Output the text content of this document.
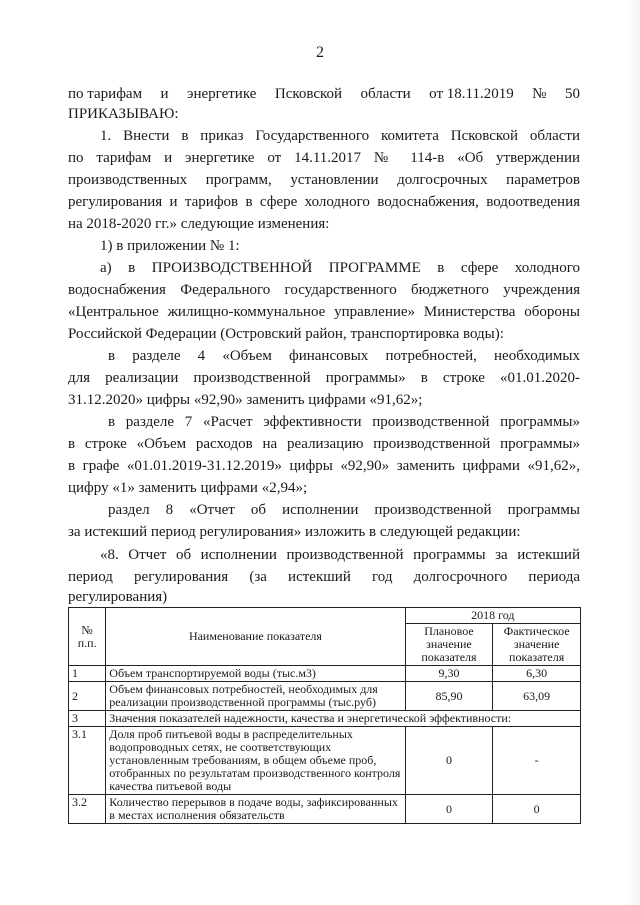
2
по тарифам и энергетике Псковской области от 18.11.2019 № 50
ПРИКАЗЫВАЮ:
1. Внести в приказ Государственного комитета Псковской области
по тарифам и энергетике от 14.11.2017 № 114-в «Об утверждении
производственных программ, установлении долгосрочных параметров
регулирования и тарифов в сфере холодного водоснабжения, водоотведения
на 2018-2020 гг.» следующие изменения:
1) в приложении № 1:
а) в ПРОИЗВОДСТВЕННОЙ ПРОГРАММЕ в сфере холодного
водоснабжения Федерального государственного бюджетного учреждения
«Центральное жилищно-коммунальное управление» Министерства обороны
Российской Федерации (Островский район, транспортировка воды):
в разделе 4 «Объем финансовых потребностей, необходимых
для реализации производственной программы» в строке «01.01.2020-
31.12.2020» цифры «92,90» заменить цифрами «91,62»;
в разделе 7 «Расчет эффективности производственной программы»
в строке «Объем расходов на реализацию производственной программы»
в графе «01.01.2019-31.12.2019» цифры «92,90» заменить цифрами «91,62»,
цифру «1» заменить цифрами «2,94»;
раздел 8 «Отчет об исполнении производственной программы
за истекший период регулирования» изложить в следующей редакции:
«8. Отчет об исполнении производственной программы за истекший
период регулирования (за истекший год долгосрочного периода
регулирования)
№ п.п.	Наименование показателя	2018 год	
		Плановое значение показателя	Фактическое значение показателя
1	Объем транспортируемой воды (тыс.м3)	9,30	6,30
2	Объем финансовых потребностей, необходимых для реализации производственной программы (тыс.руб)	85,90	63,09
3	Значения показателей надежности, качества и энергетической эффективности:		
3.1	Доля проб питьевой воды в распределительных водопроводных сетях, не соответствующих установленным требованиям, в общем объеме проб, отобранных по результатам производственного контроля качества питьевой воды	0	-
3.2	Количество перерывов в подаче воды, зафиксированных в местах исполнения обязательств	0	0
